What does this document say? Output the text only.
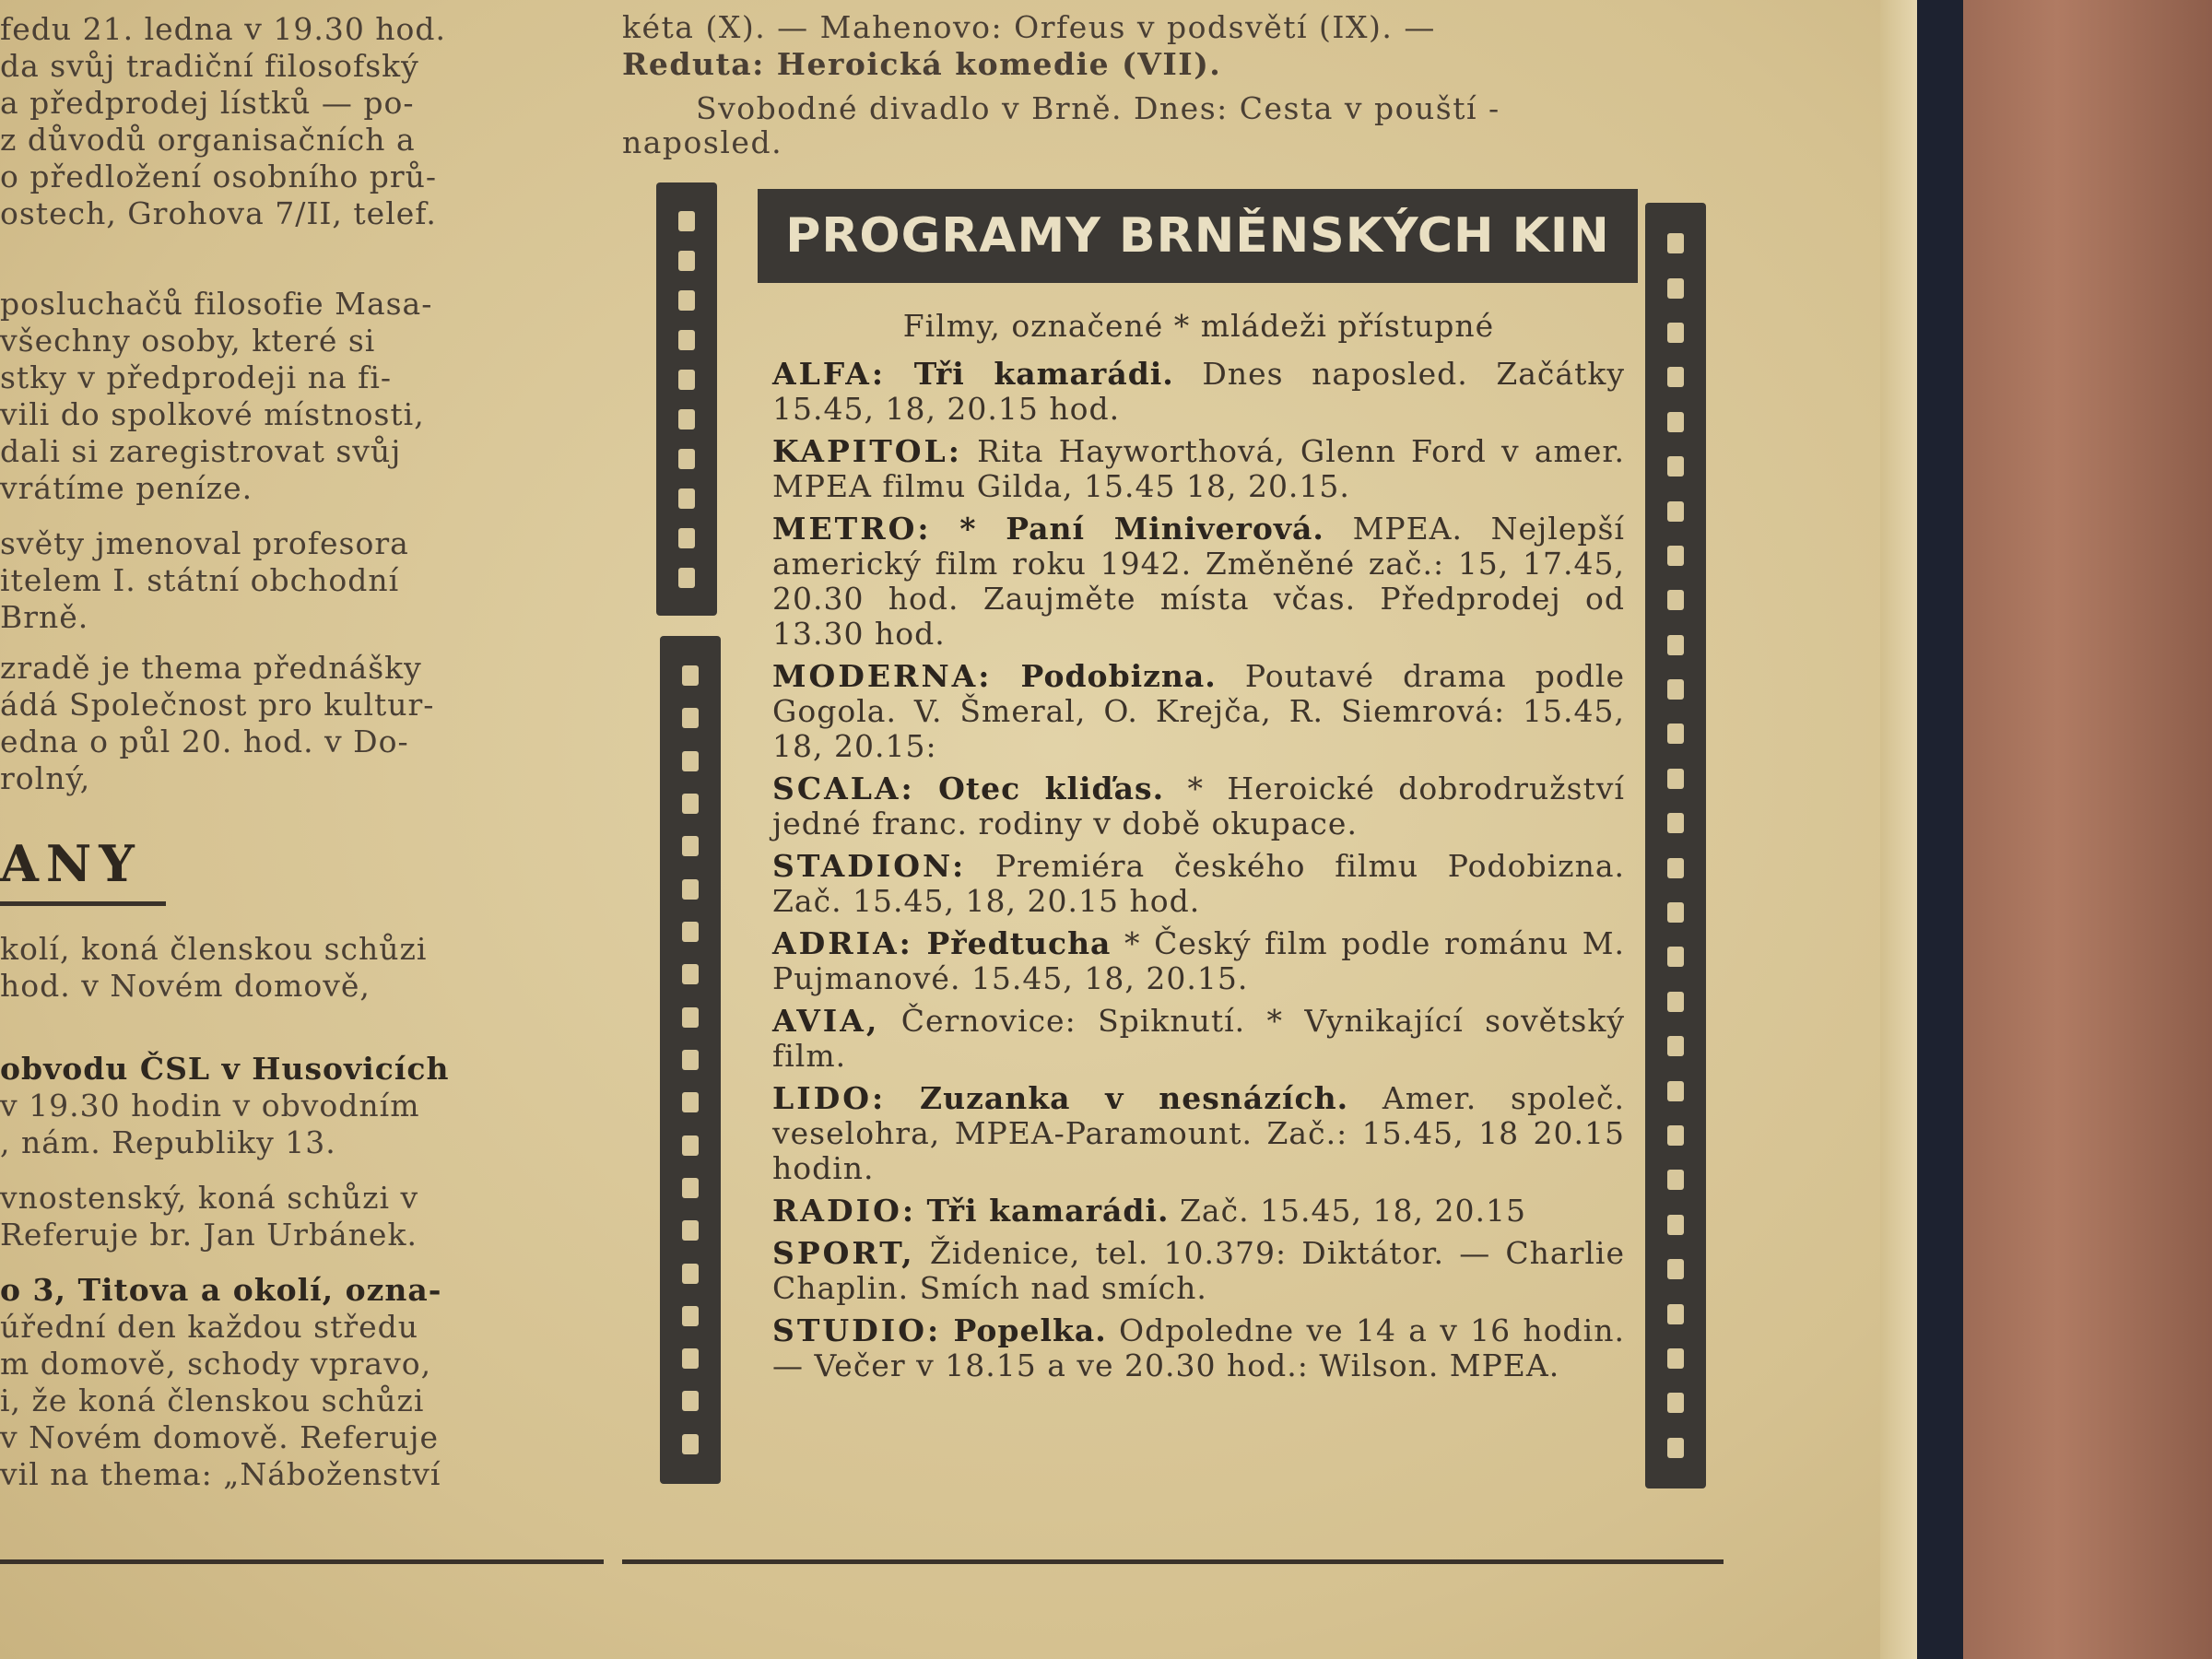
fedu 21. ledna v 19.30 hod.
da svůj tradiční filosofský
a předprodej lístků — po-
z důvodů organisačních a
o předložení osobního prů-
ostech, Grohova 7/II, telef.
posluchačů filosofie Masa-
všechny osoby, které si
stky v předprodeji na fi-
vili do spolkové místnosti,
dali si zaregistrovat svůj
vrátíme peníze.
světy jmenoval profesora
itelem I. státní obchodní
Brně.
zradě je thema přednášky
ádá Společnost pro kultur-
edna o půl 20. hod. v Do-
rolný,
ANY
kolí, koná členskou schůzi
hod. v Novém domově,
obvodu ČSL v Husovicích
v 19.30 hodin v obvodním
, nám. Republiky 13.
vnostenský, koná schůzi v
Referuje br. Jan Urbánek.
o 3, Titova a okolí, ozna-
úřední den každou středu
m domově, schody vpravo,
i, že koná členskou schůzi
v Novém domově. Referuje
vil na thema: „Náboženství
kéta (X). — Mahenovo: Orfeus v podsvětí (IX). —
Reduta: Heroická komedie (VII).
Svobodné divadlo v Brně. Dnes: Cesta v pouští -
naposled.
PROGRAMY BRNĚNSKÝCH KIN
Filmy, označené * mládeži přístupné
ALFA: Tři kamarádi. Dnes naposled. Začátky 15.45, 18, 20.15 hod.
KAPITOL: Rita Hayworthová, Glenn Ford v amer. MPEA filmu Gilda, 15.45 18, 20.15.
METRO: * Paní Miniverová. MPEA. Nejlepší americký film roku 1942. Změněné zač.: 15, 17.45, 20.30 hod. Zaujměte místa včas. Předprodej od 13.30 hod.
MODERNA: Podobizna. Poutavé drama podle Gogola. V. Šmeral, O. Krejča, R. Siemrová: 15.45, 18, 20.15:
SCALA: Otec kliďas. * Heroické dobrodružství jedné franc. rodiny v době okupace.
STADION: Premiéra českého filmu Podobizna. Zač. 15.45, 18, 20.15 hod.
ADRIA: Předtucha * Český film podle románu M. Pujmanové. 15.45, 18, 20.15.
AVIA, Černovice: Spiknutí. * Vynikající sovětský film.
LIDO: Zuzanka v nesnázích. Amer. společ. veselohra, MPEA-Paramount. Zač.: 15.45, 18 20.15 hodin.
RADIO: Tři kamarádi. Zač. 15.45, 18, 20.15
SPORT, Židenice, tel. 10.379: Diktátor. — Charlie Chaplin. Smích nad smích.
STUDIO: Popelka. Odpoledne ve 14 a v 16 hodin. — Večer v 18.15 a ve 20.30 hod.: Wilson. MPEA.
